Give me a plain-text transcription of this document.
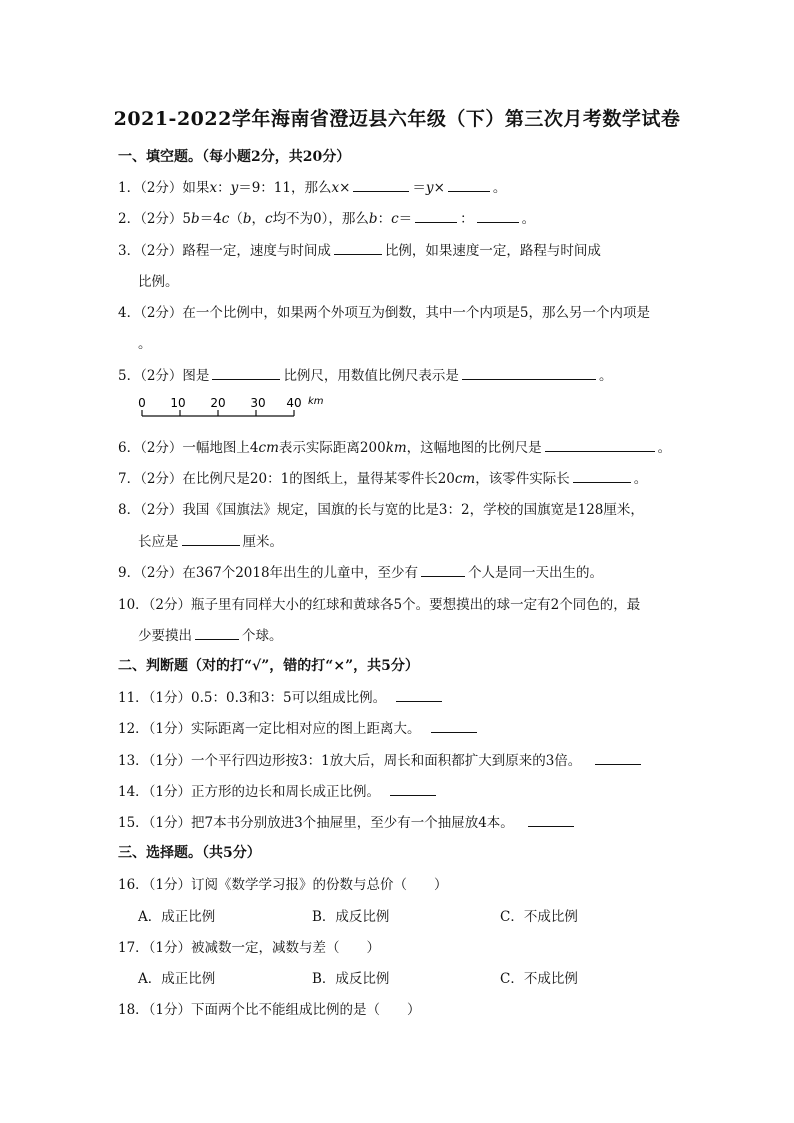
2021-2022学年海南省澄迈县六年级（下）第三次月考数学试卷
一、填空题。（每小题2分，共20分）
1．（2分）如果x：y＝9：11，那么x×	＝y×	。
2．（2分）5b＝4c（b，c均不为0），那么b：c＝	：	。
3．（2分）路程一定，速度与时间成	比例，如果速度一定，路程与时间成
比例。
4．（2分）在一个比例中，如果两个外项互为倒数，其中一个内项是5，那么另一个内项是
。
5．（2分）图是	比例尺，用数值比例尺表示是	。
0 10 20 30 40 km
6．（2分）一幅地图上4cm表示实际距离200km，这幅地图的比例尺是	。
7．（2分）在比例尺是20：1的图纸上，量得某零件长20cm，该零件实际长	。
8．（2分）我国《国旗法》规定，国旗的长与宽的比是3：2，学校的国旗宽是128厘米，
长应是	厘米。
9．（2分）在367个2018年出生的儿童中，至少有	个人是同一天出生的。
10．（2分）瓶子里有同样大小的红球和黄球各5个。要想摸出的球一定有2个同色的，最
少要摸出	个球。
二、判断题（对的打“√”，错的打“×”，共5分）
11．（1分）0.5：0.3和3：5可以组成比例。
12．（1分）实际距离一定比相对应的图上距离大。
13．（1分）一个平行四边形按3：1放大后，周长和面积都扩大到原来的3倍。
14．（1分）正方形的边长和周长成正比例。
15．（1分）把7本书分别放进3个抽屉里，至少有一个抽屉放4本。
三、选择题。（共5分）
16．（1分）订阅《数学学习报》的份数与总价（　　）
A．成正比例	B．成反比例	C．不成比例
17．（1分）被减数一定，减数与差（　　）
A．成正比例	B．成反比例	C．不成比例
18．（1分）下面两个比不能组成比例的是（　　）
